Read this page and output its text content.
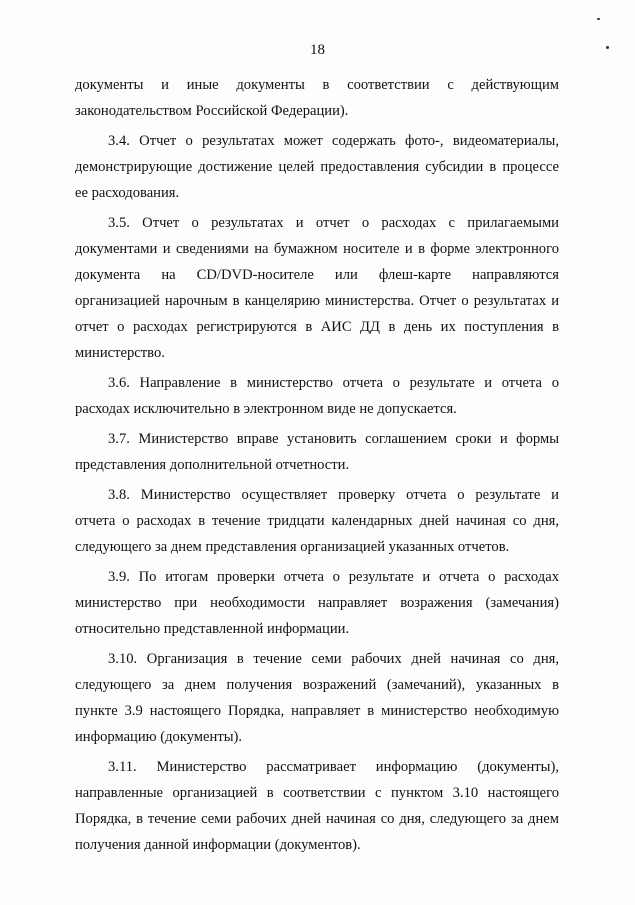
18
документы и иные документы в соответствии с действующим
законодательством Российской Федерации).
3.4. Отчет о результатах может содержать фото-, видеоматериалы,
демонстрирующие достижение целей предоставления субсидии в процессе
ее расходования.
3.5. Отчет о результатах и отчет о расходах с прилагаемыми
документами и сведениями на бумажном носителе и в форме электронного
документа на CD/DVD-носителе или флеш-карте направляются
организацией нарочным в канцелярию министерства. Отчет о результатах и
отчет о расходах регистрируются в АИС ДД в день их поступления в
министерство.
3.6. Направление в министерство отчета о результате и отчета о
расходах исключительно в электронном виде не допускается.
3.7. Министерство вправе установить соглашением сроки и формы
представления дополнительной отчетности.
3.8. Министерство осуществляет проверку отчета о результате и
отчета о расходах в течение тридцати календарных дней начиная со дня,
следующего за днем представления организацией указанных отчетов.
3.9. По итогам проверки отчета о результате и отчета о расходах
министерство при необходимости направляет возражения (замечания)
относительно представленной информации.
3.10. Организация в течение семи рабочих дней начиная со дня,
следующего за днем получения возражений (замечаний), указанных в
пункте 3.9 настоящего Порядка, направляет в министерство необходимую
информацию (документы).
3.11. Министерство рассматривает информацию (документы),
направленные организацией в соответствии с пунктом 3.10 настоящего
Порядка, в течение семи рабочих дней начиная со дня, следующего за днем
получения данной информации (документов).
